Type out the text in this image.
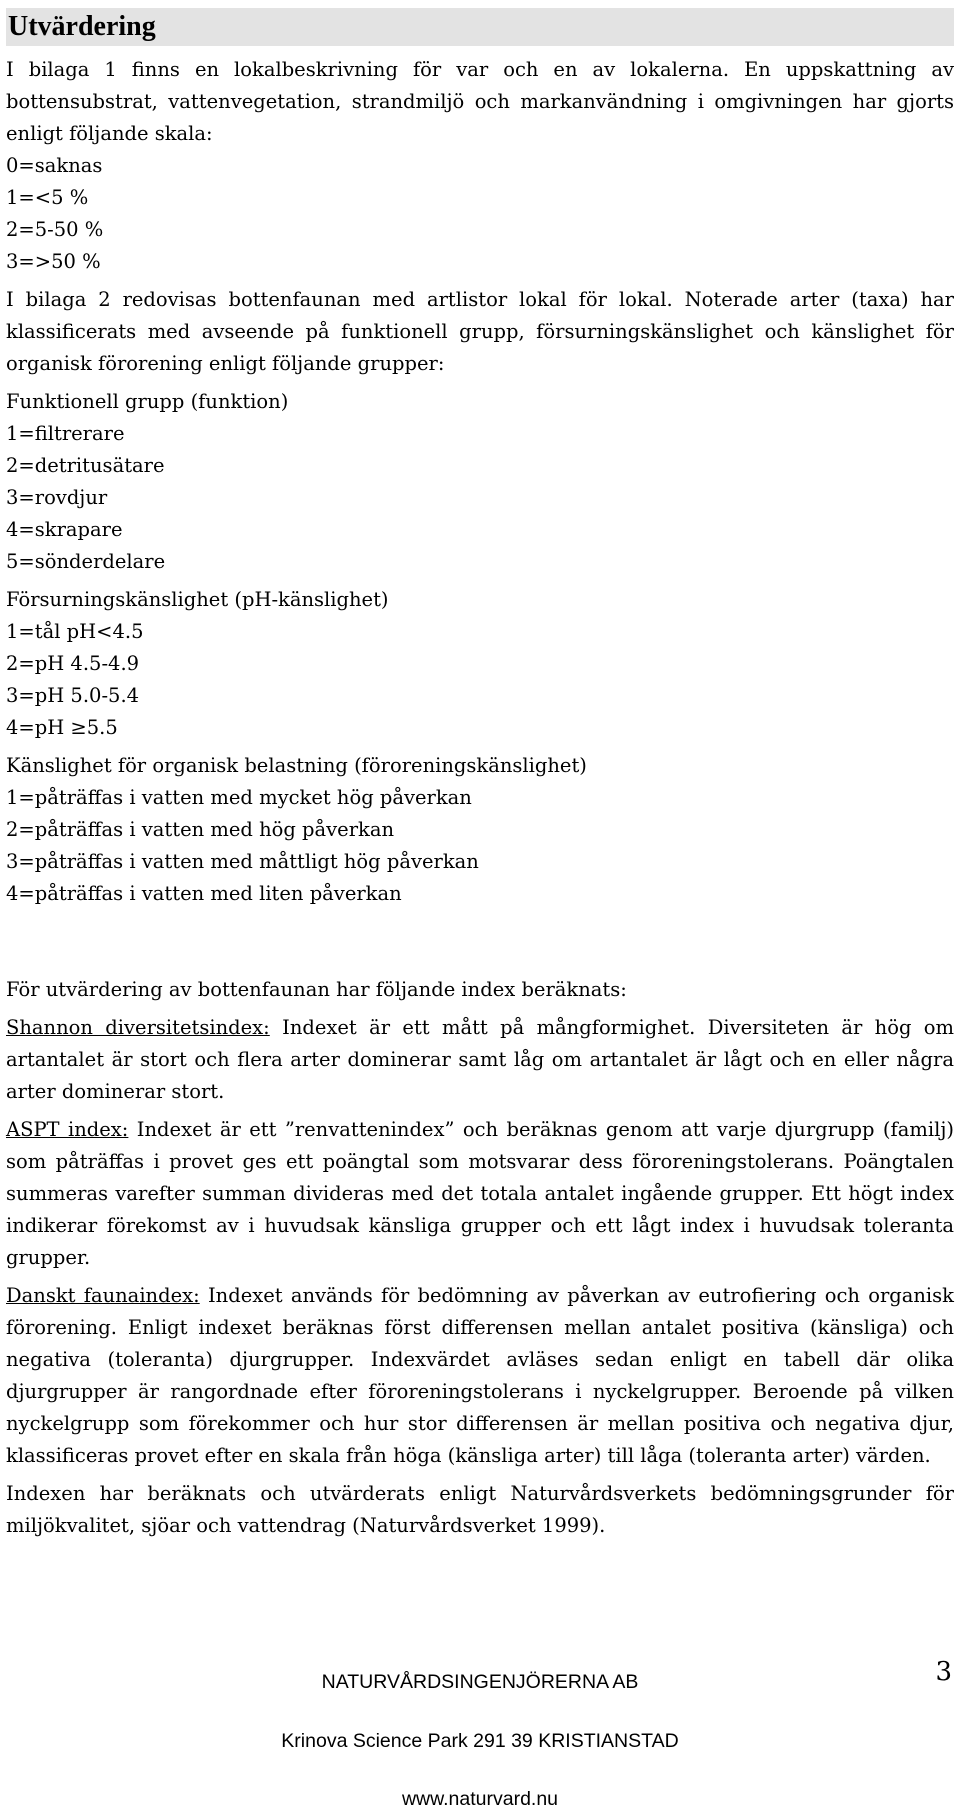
Utvärdering

I bilaga 1 finns en lokalbeskrivning för var och en av lokalerna. En uppskattning av bottensubstrat, vattenvegetation, strandmiljö och markanvändning i omgivningen har gjorts enligt följande skala:

0=saknas

1=<5 %

2=5-50 %

3=>50 %

I bilaga 2 redovisas bottenfaunan med artlistor lokal för lokal. Noterade arter (taxa) har klassificerats med avseende på funktionell grupp, försurningskänslighet och känslighet för organisk förorening enligt följande grupper:

Funktionell grupp (funktion)

1=filtrerare

2=detritusätare

3=rovdjur

4=skrapare

5=sönderdelare

Försurningskänslighet (pH-känslighet)

1=tål pH<4.5

2=pH 4.5-4.9

3=pH 5.0-5.4

4=pH ≥5.5

Känslighet för organisk belastning (föroreningskänslighet)

1=påträffas i vatten med mycket hög påverkan

2=påträffas i vatten med hög påverkan

3=påträffas i vatten med måttligt hög påverkan

4=påträffas i vatten med liten påverkan

För utvärdering av bottenfaunan har följande index beräknats:

Shannon diversitetsindex: Indexet är ett mått på mångformighet. Diversiteten är hög om artantalet är stort och flera arter dominerar samt låg om artantalet är lågt och en eller några arter dominerar stort.

ASPT index: Indexet är ett ”renvattenindex” och beräknas genom att varje djurgrupp (familj) som påträffas i provet ges ett poängtal som motsvarar dess föroreningstolerans. Poängtalen summeras varefter summan divideras med det totala antalet ingående grupper. Ett högt index indikerar förekomst av i huvudsak känsliga grupper och ett lågt index i huvudsak toleranta grupper.

Danskt faunaindex: Indexet används för bedömning av påverkan av eutrofiering och organisk förorening. Enligt indexet beräknas först differensen mellan antalet positiva (känsliga) och negativa (toleranta) djurgrupper. Indexvärdet avläses sedan enligt en tabell där olika djurgrupper är rangordnade efter föroreningstolerans i nyckelgrupper. Beroende på vilken nyckelgrupp som förekommer och hur stor differensen är mellan positiva och negativa djur, klassificeras provet efter en skala från höga (känsliga arter) till låga (toleranta arter) värden.

Indexen har beräknats och utvärderats enligt Naturvårdsverkets bedömningsgrunder för miljökvalitet, sjöar och vattendrag (Naturvårdsverket 1999).

NATURVÅRDSINGENJÖRERNA AB
Krinova Science Park 291 39 KRISTIANSTAD
www.naturvard.nu
3
